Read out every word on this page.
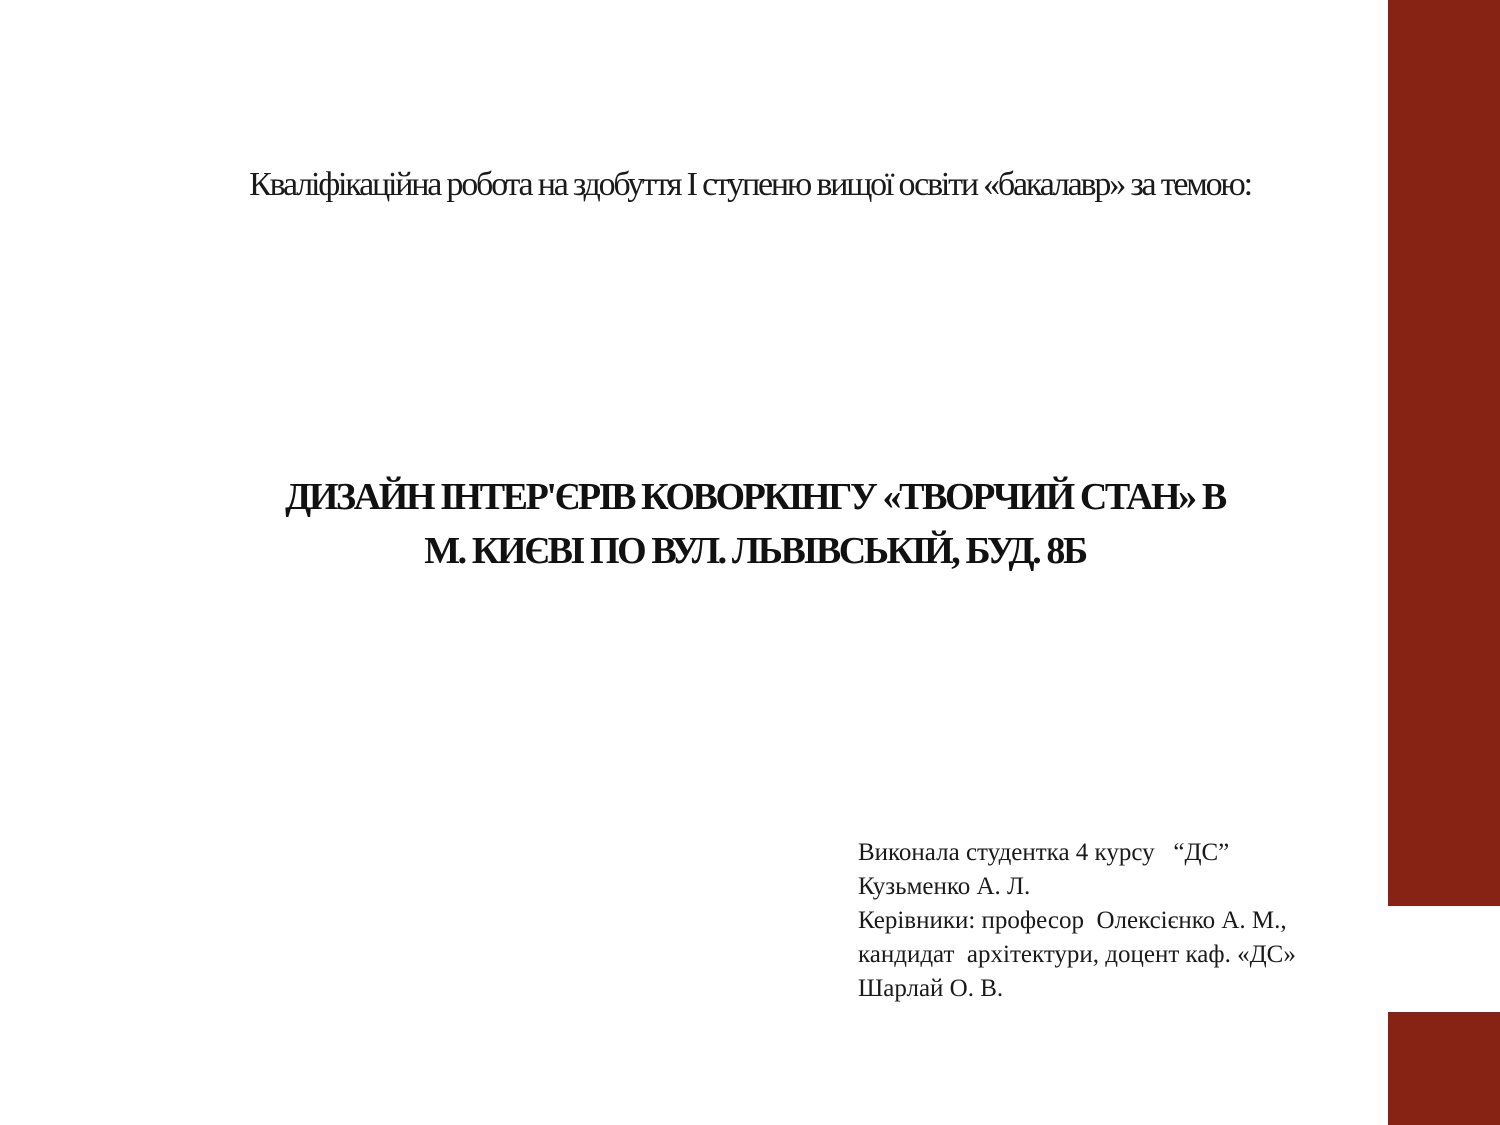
Кваліфікаційна робота на здобуття І ступеню вищої освіти «бакалавр» за темою:
ДИЗАЙН ІНТЕР'ЄРІВ КОВОРКІНГУ «ТВОРЧИЙ СТАН» В
М. КИЄВІ ПО ВУЛ. ЛЬВІВСЬКІЙ, БУД. 8Б
Виконала студентка 4 курсу   “ДС”
Кузьменко А. Л.
Керівники: професор  Олексієнко А. М.,
кандидат  архітектури, доцент каф. «ДС»
Шарлай О. В.
